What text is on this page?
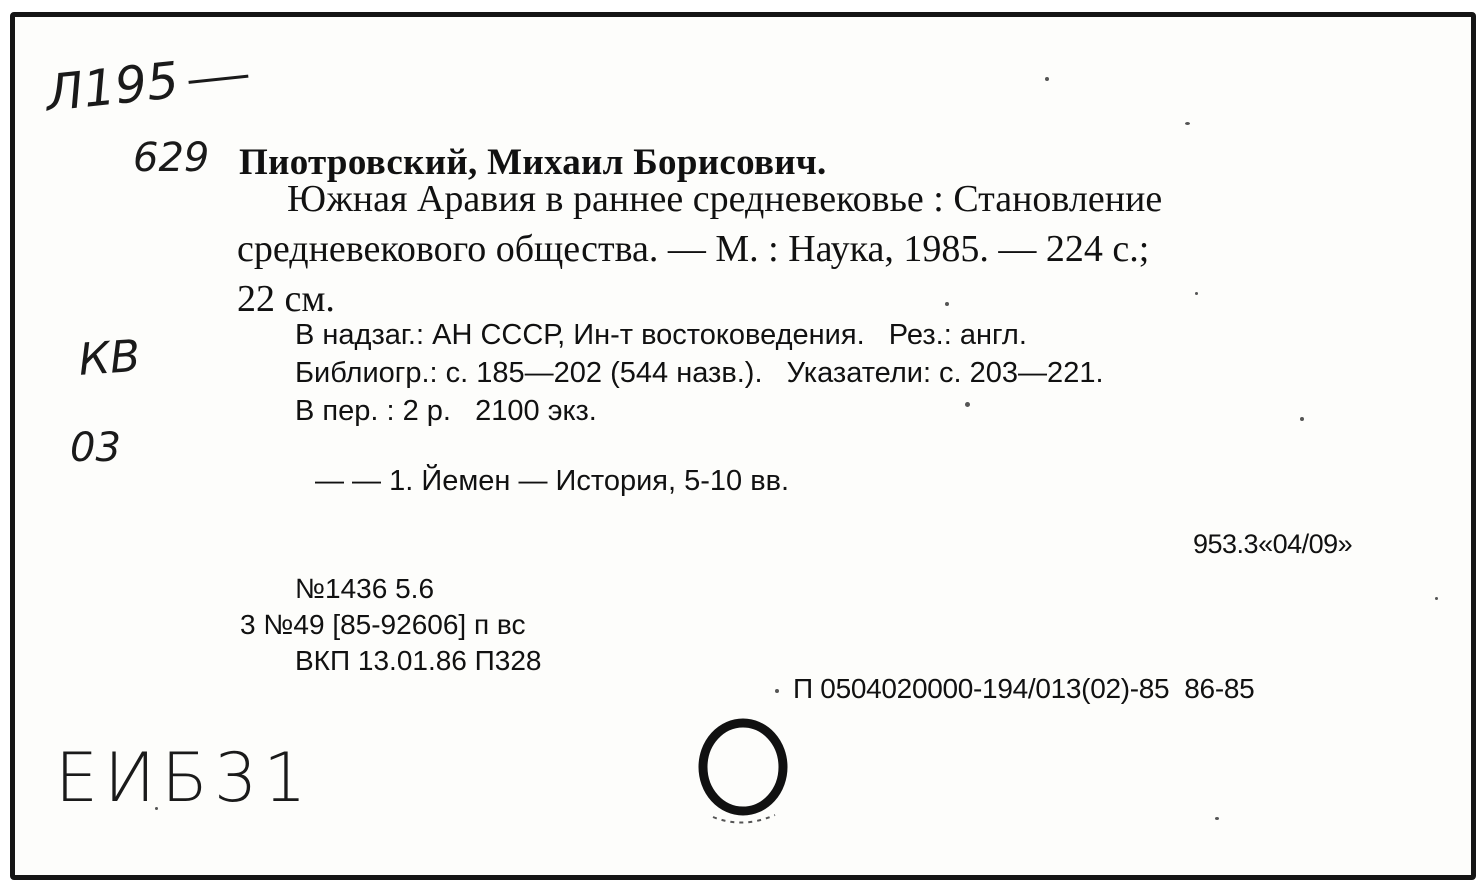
Л195
629
КВ
03
ЕИБ31
Пиотровский, Михаил Борисович.
Южная Аравия в раннее средневековье : Становление
средневекового общества. — М. : Наука, 1985. — 224 с.;
22 см.
В надзаг.: АН СССР, Ин-т востоковедения.   Рез.: англ.
Библиогр.: с. 185—202 (544 назв.).   Указатели: с. 203—221.
В пер. : 2 р.   2100 экз.
— — 1. Йемен — История, 5-10 вв.
953.3«04/09»
№1436 5.6
3 №49 [85-92606] п вс
ВКП 13.01.86 П328
П 0504020000-194/013(02)-85  86-85
